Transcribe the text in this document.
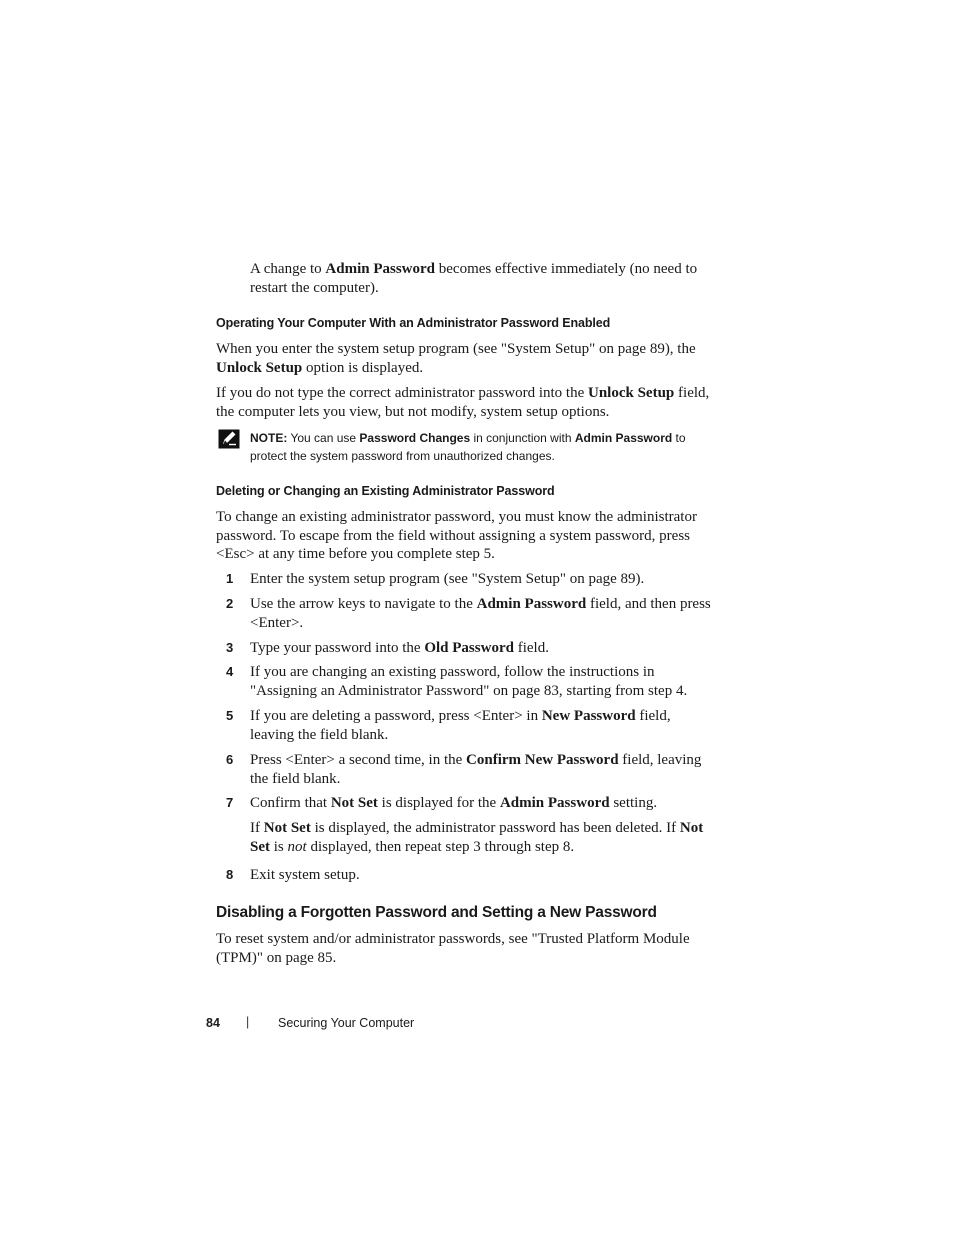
A change to Admin Password becomes effective immediately (no need to restart the computer).
Operating Your Computer With an Administrator Password Enabled
When you enter the system setup program (see "System Setup" on page 89), the Unlock Setup option is displayed.
If you do not type the correct administrator password into the Unlock Setup field, the computer lets you view, but not modify, system setup options.
NOTE: You can use Password Changes in conjunction with Admin Password to protect the system password from unauthorized changes.
Deleting or Changing an Existing Administrator Password
To change an existing administrator password, you must know the administrator password. To escape from the field without assigning a system password, press <Esc> at any time before you complete step 5.
1 Enter the system setup program (see "System Setup" on page 89).
2 Use the arrow keys to navigate to the Admin Password field, and then press <Enter>.
3 Type your password into the Old Password field.
4 If you are changing an existing password, follow the instructions in "Assigning an Administrator Password" on page 83, starting from step 4.
5 If you are deleting a password, press <Enter> in New Password field, leaving the field blank.
6 Press <Enter> a second time, in the Confirm New Password field, leaving the field blank.
7 Confirm that Not Set is displayed for the Admin Password setting.
If Not Set is displayed, the administrator password has been deleted. If Not Set is not displayed, then repeat step 3 through step 8.
8 Exit system setup.
Disabling a Forgotten Password and Setting a New Password
To reset system and/or administrator passwords, see "Trusted Platform Module (TPM)" on page 85.
84 | Securing Your Computer
